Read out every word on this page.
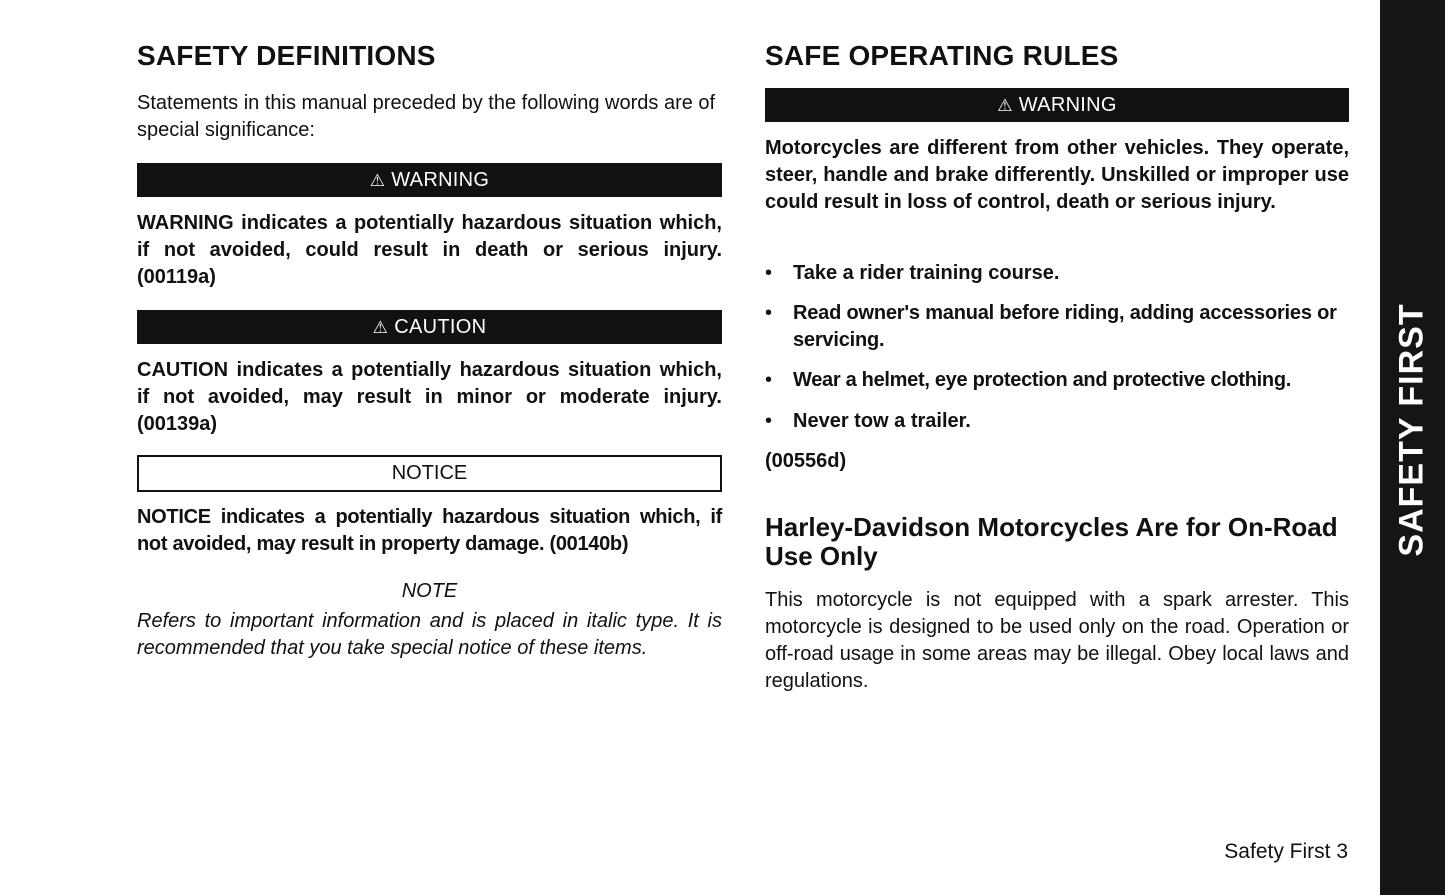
SAFETY DEFINITIONS

Statements in this manual preceded by the following words are of special significance:

⚠ WARNING

WARNING indicates a potentially hazardous situation which, if not avoided, could result in death or serious injury. (00119a)

⚠ CAUTION

CAUTION indicates a potentially hazardous situation which, if not avoided, may result in minor or moderate injury. (00139a)

NOTICE

NOTICE indicates a potentially hazardous situation which, if not avoided, may result in property damage. (00140b)

NOTE

Refers to important information and is placed in italic type. It is recommended that you take special notice of these items.

SAFE OPERATING RULES
⚠ WARNING

Motorcycles are different from other vehicles. They operate, steer, handle and brake differently. Unskilled or improper use could result in loss of control, death or serious injury.

• Take a rider training course.
• Read owner's manual before riding, adding accessories or servicing.
• Wear a helmet, eye protection and protective clothing.
• Never tow a trailer.

(00556d)

Harley-Davidson Motorcycles Are for On-Road Use Only

This motorcycle is not equipped with a spark arrester. This motorcycle is designed to be used only on the road. Operation or off-road usage in some areas may be illegal. Obey local laws and regulations.

SAFETY FIRST
Safety First 3
